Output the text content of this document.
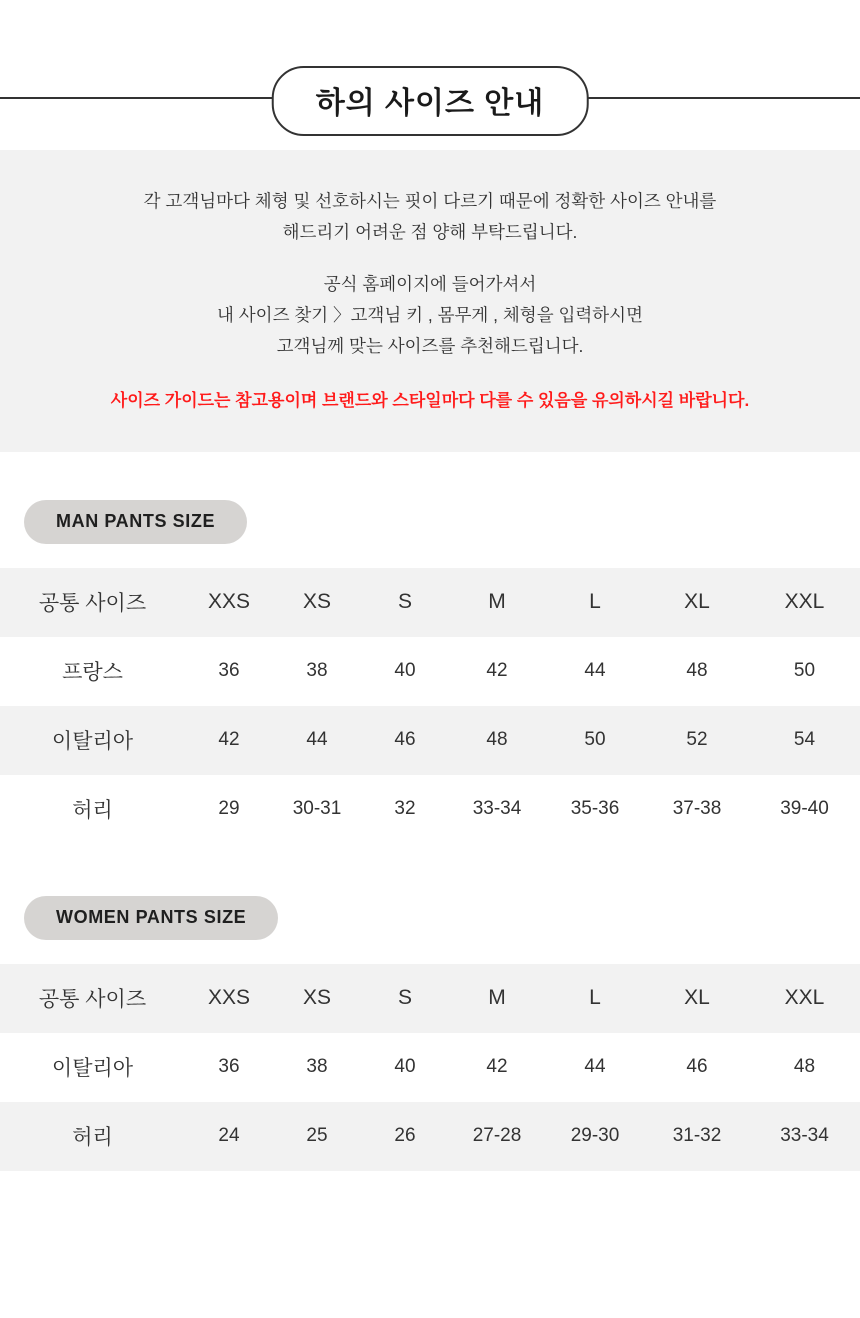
하의 사이즈 안내

각 고객님마다 체형 및 선호하시는 핏이 다르기 때문에 정확한 사이즈 안내를

해드리기 어려운 점 양해 부탁드립니다.

공식 홈페이지에 들어가셔서

내 사이즈 찾기 〉고객님 키 , 몸무게 , 체형을 입력하시면

고객님께 맞는 사이즈를 추천해드립니다.

사이즈 가이드는 참고용이며 브랜드와 스타일마다 다를 수 있음을 유의하시길 바랍니다.

MAN PANTS SIZE
공통 사이즈	XXS	XS	S	M	L	XL	XXL
프랑스	36	38	40	42	44	48	50
이탈리아	42	44	46	48	50	52	54
허리	29	30-31	32	33-34	35-36	37-38	39-40
WOMEN PANTS SIZE
공통 사이즈	XXS	XS	S	M	L	XL	XXL
이탈리아	36	38	40	42	44	46	48
허리	24	25	26	27-28	29-30	31-32	33-34
